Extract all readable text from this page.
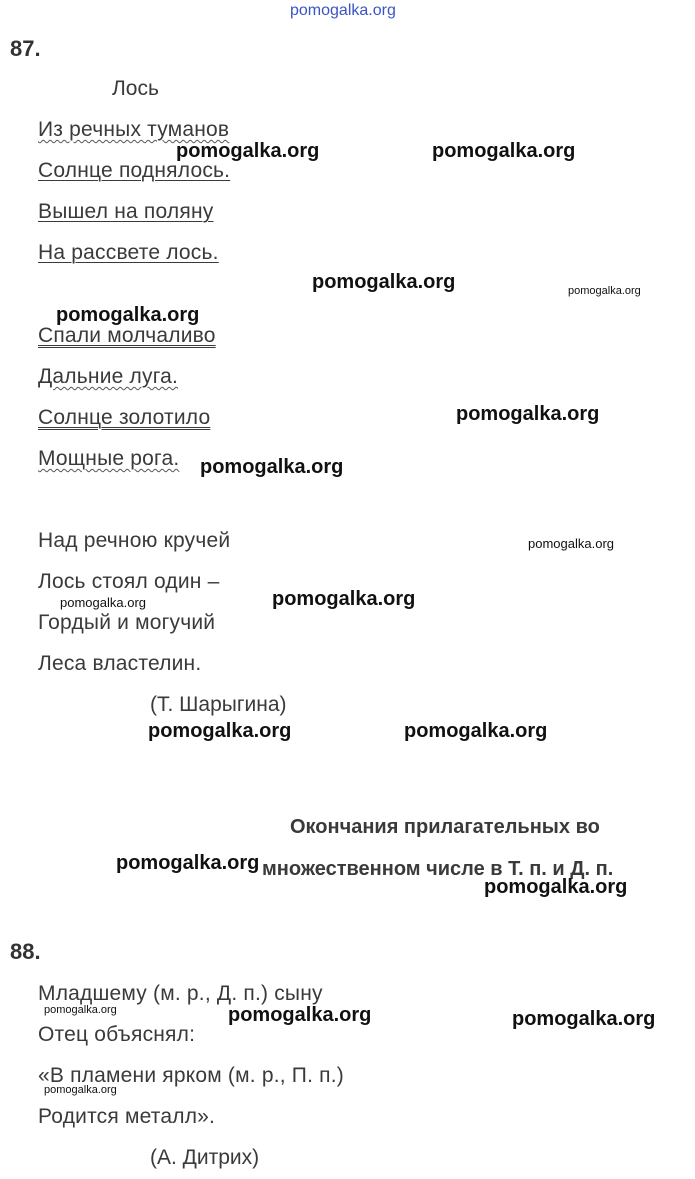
pomogalka.org
87.
Лось
Из речных туманов
Солнце поднялось.
Вышел на поляну
На рассвете лось.
Спали молчаливо
Дальние луга.
Солнце золотило
Мощные рога.
Над речною кручей
Лось стоял один –
Гордый и могучий
Леса властелин.
(Т. Шарыгина)
Окончания прилагательных во
множественном числе в Т. п. и Д. п.
88.
Младшему (м. р., Д. п.) сыну
Отец объяснял:
«В пламени ярком (м. р., П. п.)
Родится металл».
(А. Дитрих)
pomogalka.org	pomogalka.org
pomogalka.org	pomogalka.org
pomogalka.org
pomogalka.org
pomogalka.org
pomogalka.org
pomogalka.org	pomogalka.org
pomogalka.org	pomogalka.org
pomogalka.org
pomogalka.org
pomogalka.org	pomogalka.org	pomogalka.org
pomogalka.org
